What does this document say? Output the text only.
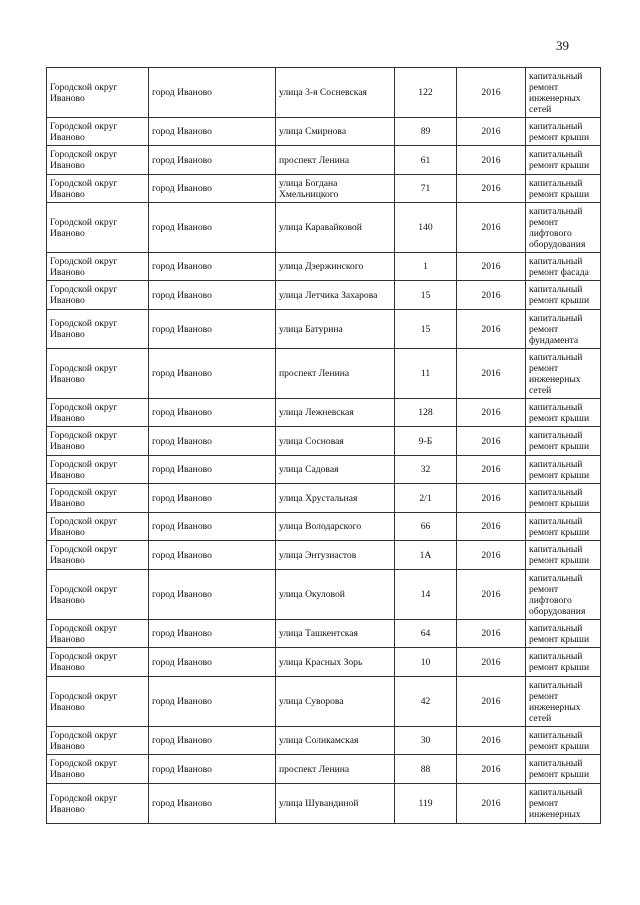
39
Городской округ Иваново	город Иваново	улица 3-я Сосневская	122	2016	капитальный ремонт инженерных сетей
Городской округ Иваново	город Иваново	улица Смирнова	89	2016	капитальный ремонт крыши
Городской округ Иваново	город Иваново	проспект Ленина	61	2016	капитальный ремонт крыши
Городской округ Иваново	город Иваново	улица Богдана Хмельницкого	71	2016	капитальный ремонт крыши
Городской округ Иваново	город Иваново	улица Каравайковой	140	2016	капитальный ремонт лифтового оборудования
Городской округ Иваново	город Иваново	улица Дзержинского	1	2016	капитальный ремонт фасада
Городской округ Иваново	город Иваново	улица Летчика Захарова	15	2016	капитальный ремонт крыши
Городской округ Иваново	город Иваново	улица Батурина	15	2016	капитальный ремонт фундамента
Городской округ Иваново	город Иваново	проспект Ленина	11	2016	капитальный ремонт инженерных сетей
Городской округ Иваново	город Иваново	улица Лежневская	128	2016	капитальный ремонт крыши
Городской округ Иваново	город Иваново	улица Сосновая	9-Б	2016	капитальный ремонт крыши
Городской округ Иваново	город Иваново	улица Садовая	32	2016	капитальный ремонт крыши
Городской округ Иваново	город Иваново	улица Хрустальная	2/1	2016	капитальный ремонт крыши
Городской округ Иваново	город Иваново	улица Володарского	66	2016	капитальный ремонт крыши
Городской округ Иваново	город Иваново	улица Энтузиастов	1А	2016	капитальный ремонт крыши
Городской округ Иваново	город Иваново	улица Окуловой	14	2016	капитальный ремонт лифтового оборудования
Городской округ Иваново	город Иваново	улица Ташкентская	64	2016	капитальный ремонт крыши
Городской округ Иваново	город Иваново	улица Красных Зорь	10	2016	капитальный ремонт крыши
Городской округ Иваново	город Иваново	улица Суворова	42	2016	капитальный ремонт инженерных сетей
Городской округ Иваново	город Иваново	улица Соликамская	30	2016	капитальный ремонт крыши
Городской округ Иваново	город Иваново	проспект Ленина	88	2016	капитальный ремонт крыши
Городской округ Иваново	город Иваново	улица Шувандиной	119	2016	капитальный ремонт инженерных
